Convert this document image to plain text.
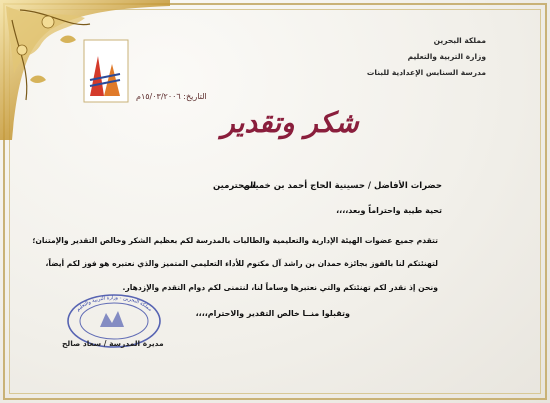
مملكة البحرين
وزارة التربية والتعليم
مدرسة السنابس الإعدادية للبنات
التاريخ: ١٥/٠٣/٢٠٠٦م
شكر وتقدير
حضرات الأفاضل / حسينية الحاج أحمد بن خميس
المحترمين
تحية طيبة واحتراماً وبعد،،،،
تتقدم جميع عضوات الهيئة الإدارية والتعليمية والطالبات بالمدرسة لكم بعظيم الشكر وخالص التقدير والإمتنان؛
لتهنئتكم لنا بالفوز بجائزة حمدان بن راشد آل مكتوم للأداء التعليمي المتميز والذي نعتبره هو فوز لكم أيضاً،
ونحن إذ نقدر لكم تهنئتكم والتي نعتبرها وساماً لنا، لنتمنى لكم دوام التقدم والإزدهار.
وتقبلوا منــا خالص التقدير والاحترام،،،،
مملكة البحرين - وزارة التربية والتعليم
مديرة المدرسة / سعاد صالح
